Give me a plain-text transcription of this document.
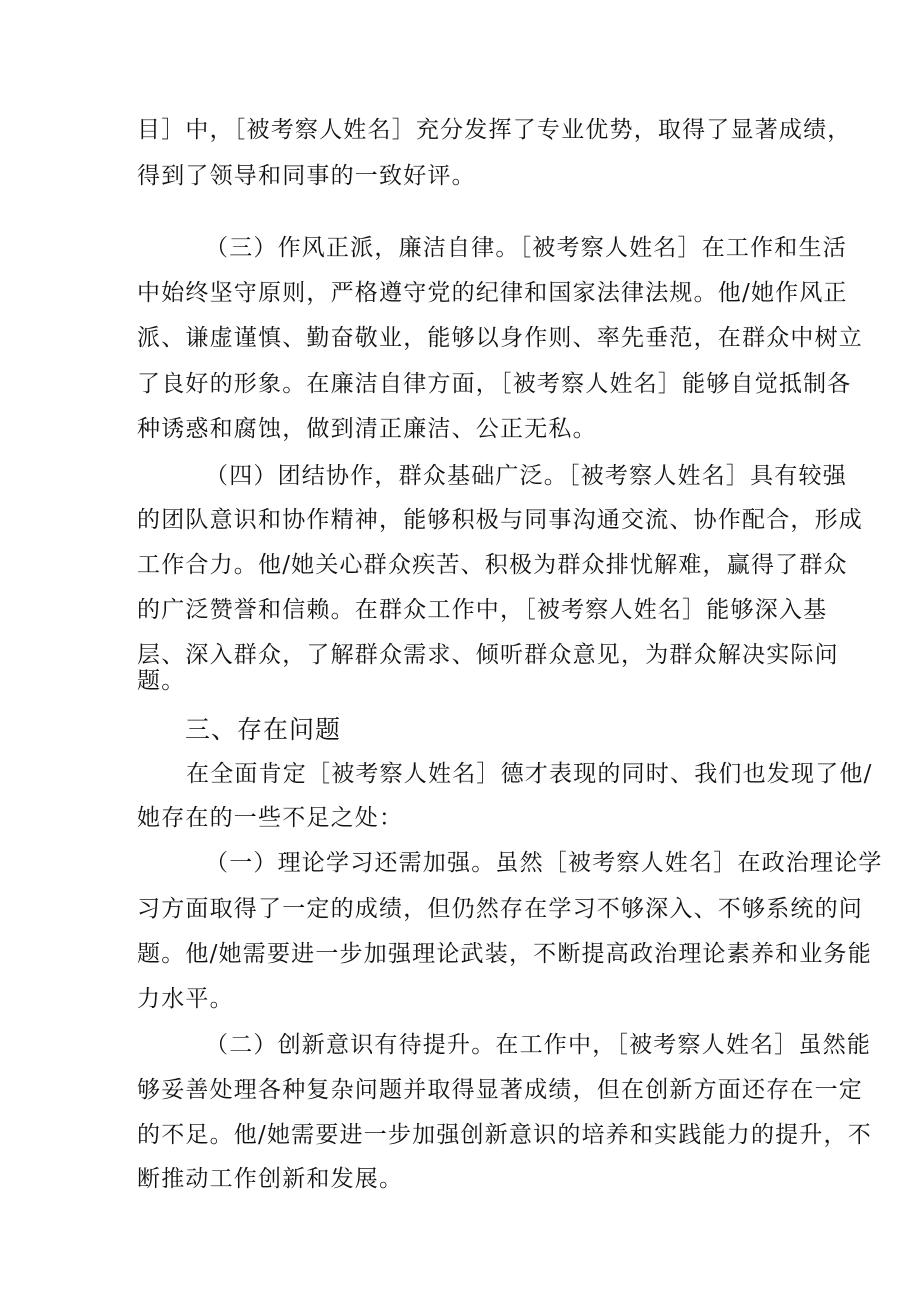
目］中，［被考察人姓名］充分发挥了专业优势，取得了显著成绩，
得到了领导和同事的一致好评。
（三）作风正派，廉洁自律。［被考察人姓名］在工作和生活
中始终坚守原则，严格遵守党的纪律和国家法律法规。他/她作风正
派、谦虚谨慎、勤奋敬业，能够以身作则、率先垂范，在群众中树立
了良好的形象。在廉洁自律方面，［被考察人姓名］能够自觉抵制各
种诱惑和腐蚀，做到清正廉洁、公正无私。
（四）团结协作，群众基础广泛。［被考察人姓名］具有较强
的团队意识和协作精神，能够积极与同事沟通交流、协作配合，形成
工作合力。他/她关心群众疾苦、积极为群众排忧解难，赢得了群众
的广泛赞誉和信赖。在群众工作中，［被考察人姓名］能够深入基
层、深入群众，了解群众需求、倾听群众意见，为群众解决实际问
题。
三、存在问题
在全面肯定［被考察人姓名］德才表现的同时、我们也发现了他/
她存在的一些不足之处：
（一）理论学习还需加强。虽然［被考察人姓名］在政治理论学
习方面取得了一定的成绩，但仍然存在学习不够深入、不够系统的问
题。他/她需要进一步加强理论武装，不断提高政治理论素养和业务能
力水平。
（二）创新意识有待提升。在工作中，［被考察人姓名］虽然能
够妥善处理各种复杂问题并取得显著成绩，但在创新方面还存在一定
的不足。他/她需要进一步加强创新意识的培养和实践能力的提升，不
断推动工作创新和发展。
